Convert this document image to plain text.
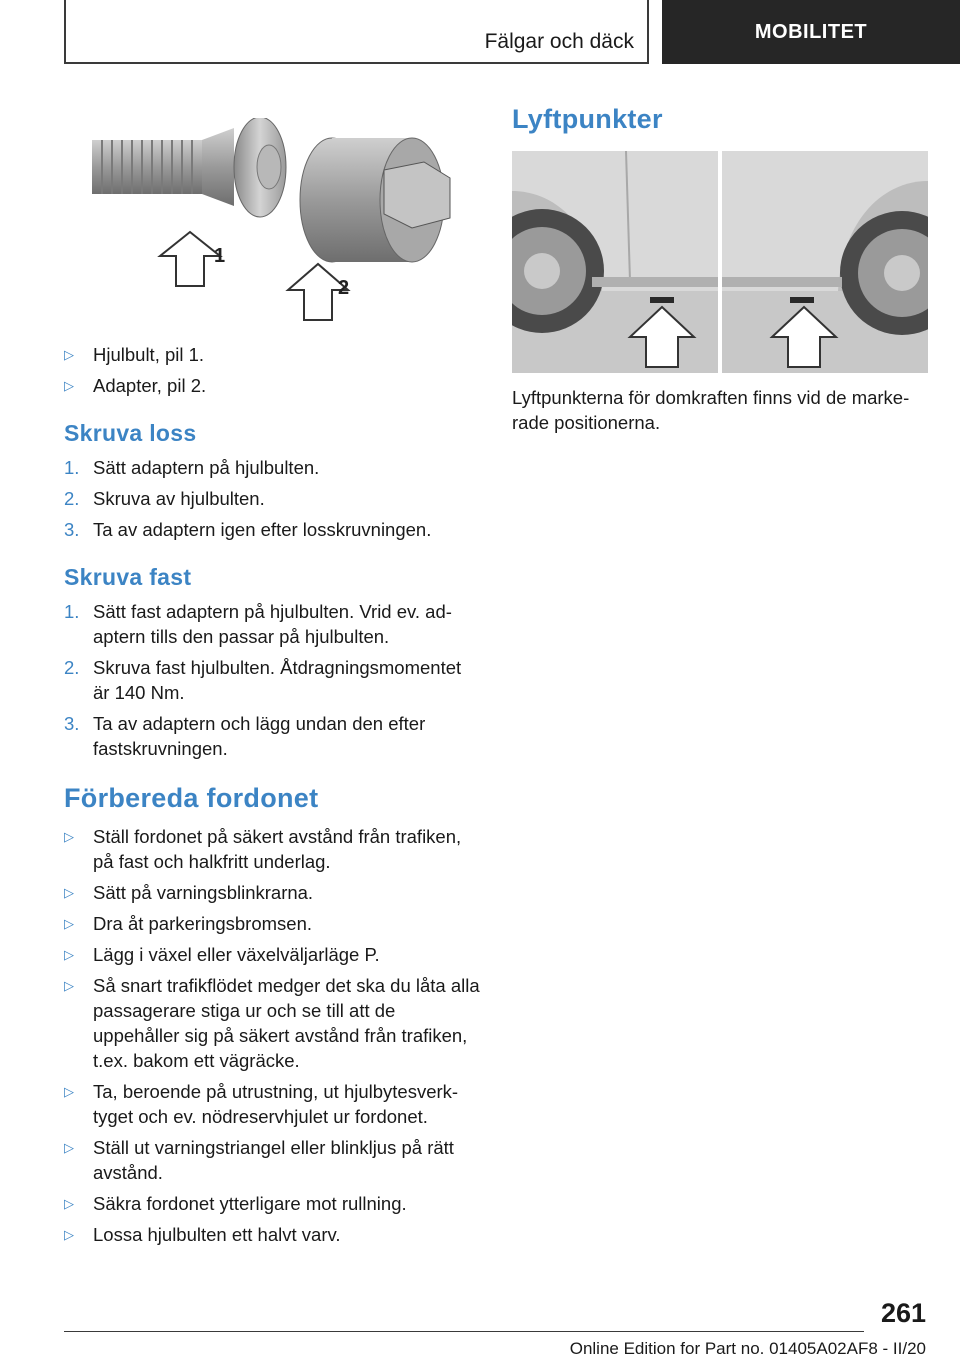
Fälgar och däck	MOBILITET
1
2
▷ Hjulbult, pil 1.
▷ Adapter, pil 2.
Skruva loss
1. Sätt adaptern på hjulbulten.
2. Skruva av hjulbulten.
3. Ta av adaptern igen efter losskruvningen.
Skruva fast
1. Sätt fast adaptern på hjulbulten. Vrid ev. adaptern tills den passar på hjulbulten.
2. Skruva fast hjulbulten. Åtdragningsmomentet är 140 Nm.
3. Ta av adaptern och lägg undan den efter fastskruvningen.
Förbereda fordonet
▷ Ställ fordonet på säkert avstånd från trafiken, på fast och halkfritt underlag.
▷ Sätt på varningsblinkrarna.
▷ Dra åt parkeringsbromsen.
▷ Lägg i växel eller växelväljarläge P.
▷ Så snart trafikflödet medger det ska du låta alla passagerare stiga ur och se till att de uppehåller sig på säkert avstånd från trafiken, t.ex. bakom ett vägräcke.
▷ Ta, beroende på utrustning, ut hjulbytesverktyget och ev. nödreservhjulet ur fordonet.
▷ Ställ ut varningstriangel eller blinkljus på rätt avstånd.
▷ Säkra fordonet ytterligare mot rullning.
▷ Lossa hjulbulten ett halvt varv.
Lyftpunkter
Lyftpunkterna för domkraften finns vid de markerade positionerna.
261
Online Edition for Part no. 01405A02AF8 - II/20
